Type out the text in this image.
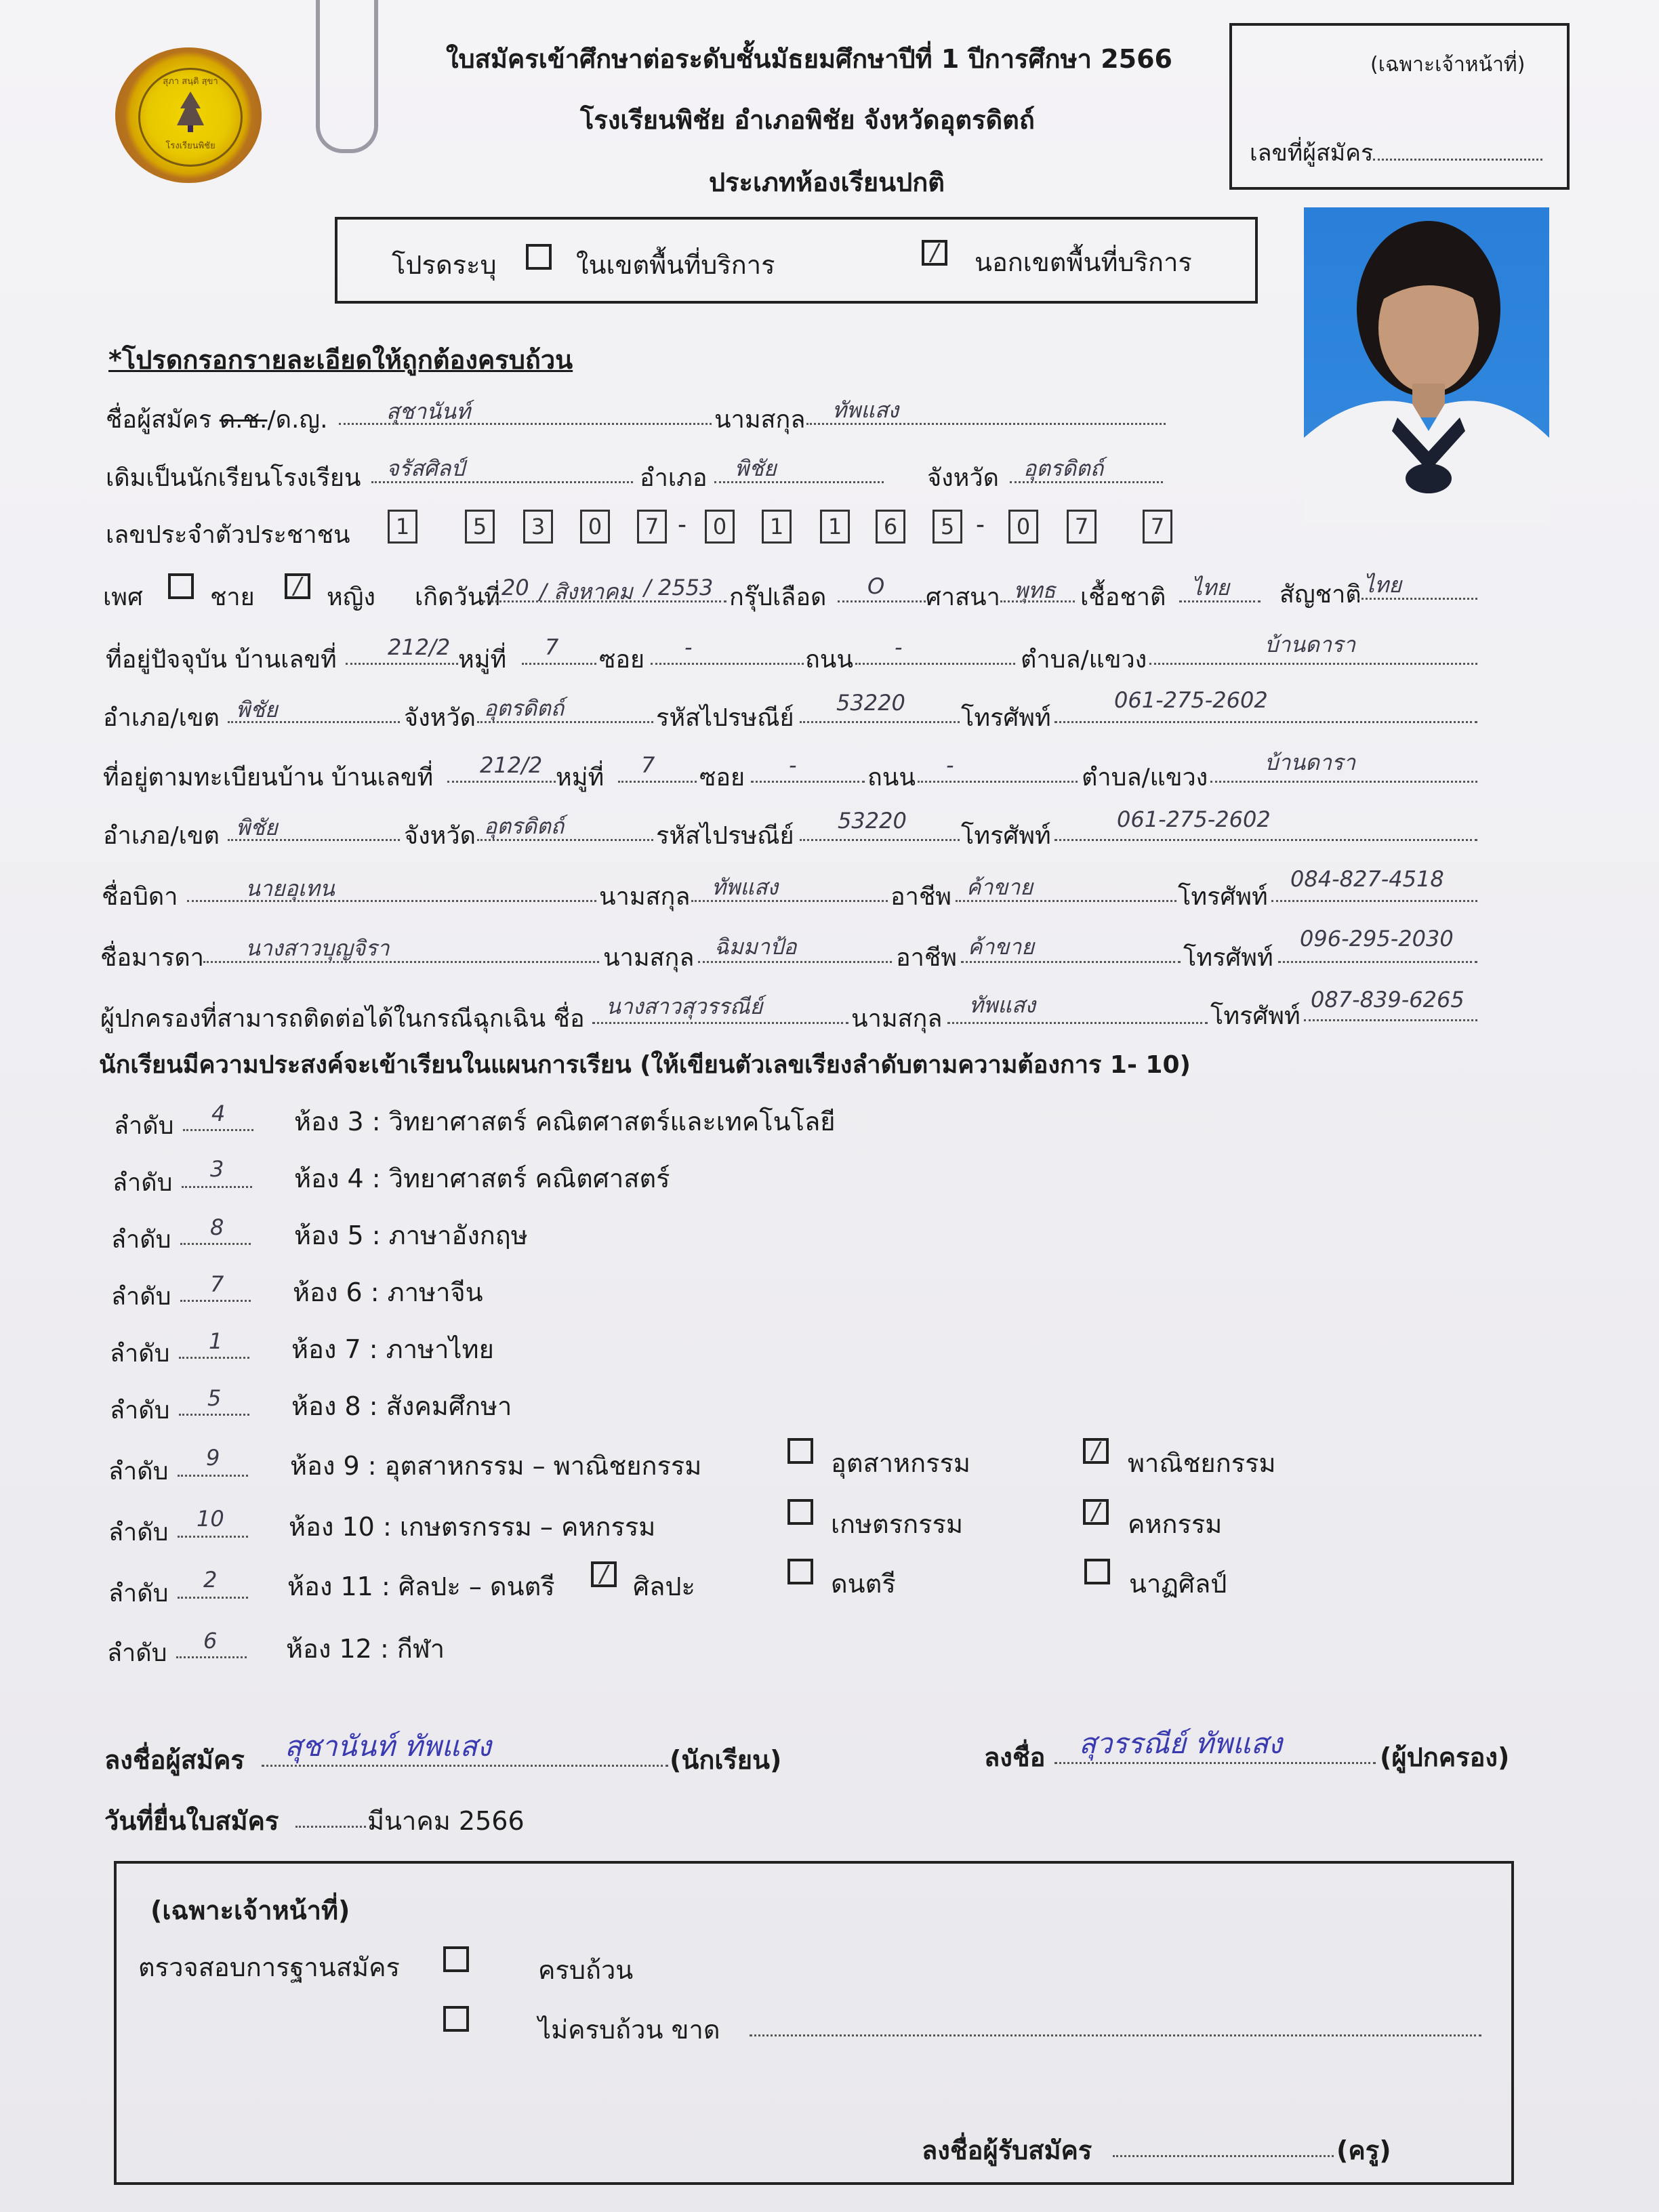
สุภา สนฺติ สฺขา
โรงเรียนพิชัย
ใบสมัครเข้าศึกษาต่อระดับชั้นมัธยมศึกษาปีที่ 1 ปีการศึกษา 2566
โรงเรียนพิชัย อำเภอพิชัย จังหวัดอุตรดิตถ์
ประเภทห้องเรียนปกติ
(เฉพาะเจ้าหน้าที่)
เลขที่ผู้สมัคร
โปรดระบุ	ในเขตพื้นที่บริการ	/	นอกเขตพื้นที่บริการ
*โปรดกรอกรายละเอียดให้ถูกต้องครบถ้วน
ชื่อผู้สมัคร ด.ช./ด.ญ.	สุชานันท์	นามสกุล ทัพแสง
เดิมเป็นนักเรียนโรงเรียน จรัสศิลป์	อำเภอ พิชัย	จังหวัด อุตรดิตถ์
เลขประจำตัวประชาชน	1	5	3	0	7 -	0	1	1	6	5 -	0	7	7
เพศ	ชาย	/	หญิง เกิดวันที่ 20 / สิงหาคม / 2553 กรุ๊ปเลือด O ศาสนา พุทธ เชื้อชาติ ไทย สัญชาติ ไทย
ที่อยู่ปัจจุบัน บ้านเลขที่ 212/2 หมู่ที่ 7 ซอย -	ถนน -	ตำบล/แขวง
บ้านดารา
อำเภอ/เขต พิชัย	จังหวัด อุตรดิตถ์	รหัสไปรษณีย์
53220
โทรศัพท์
061-275-2602
ที่อยู่ตามทะเบียนบ้าน บ้านเลขที่ 212/2 หมู่ที่ 7 ซอย -	ถนน -	ตำบล/แขวง
บ้านดารา
อำเภอ/เขต พิชัย	จังหวัด อุตรดิตถ์	รหัสไปรษณีย์
53220
โทรศัพท์
061-275-2602
ชื่อบิดา	นายอุเทน	นามสกุล ทัพแสง	อาชีพ ค้าขาย	โทรศัพท์
084-827-4518
ชื่อมารดา นางสาวบุญจิรา	นามสกุล ฉิมมาป้อ	อาชีพ ค้าขาย	โทรศัพท์
096-295-2030
ผู้ปกครองที่สามารถติดต่อได้ในกรณีฉุกเฉิน ชื่อ นางสาวสุวรรณีย์	นามสกุล ทัพแสง	โทรศัพท์
087-839-6265
นักเรียนมีความประสงค์จะเข้าเรียนในแผนการเรียน (ให้เขียนตัวเลขเรียงลำดับตามความต้องการ 1- 10)
ลำดับ 4	ห้อง 3 : วิทยาศาสตร์ คณิตศาสตร์และเทคโนโลยี
ลำดับ 3	ห้อง 4 : วิทยาศาสตร์ คณิตศาสตร์
ลำดับ 8	ห้อง 5 : ภาษาอังกฤษ
ลำดับ 7	ห้อง 6 : ภาษาจีน
ลำดับ 1	ห้อง 7 : ภาษาไทย
ลำดับ 5	ห้อง 8 : สังคมศึกษา
ลำดับ 9	ห้อง 9 : อุตสาหกรรม – พาณิชยกรรม	อุตสาหกรรม	/	พาณิชยกรรม
ลำดับ 10	ห้อง 10 : เกษตรกรรม – คหกรรม	เกษตรกรรม	/	คหกรรม
ลำดับ 2	ห้อง 11 : ศิลปะ – ดนตรี	/ ศิลปะ	ดนตรี	นาฏศิลป์
ลำดับ 6	ห้อง 12 : กีฬา
ลงชื่อผู้สมัคร สุชานันท์ ทัพแสง	(นักเรียน)	ลงชื่อ สุวรรณีย์ ทัพแสง	(ผู้ปกครอง)
วันที่ยื่นใบสมัคร	มีนาคม 2566
(เฉพาะเจ้าหน้าที่)
ตรวจสอบการฐานสมัคร	ครบถ้วน
ไม่ครบถ้วน ขาด
ลงชื่อผู้รับสมัคร	(ครู)
